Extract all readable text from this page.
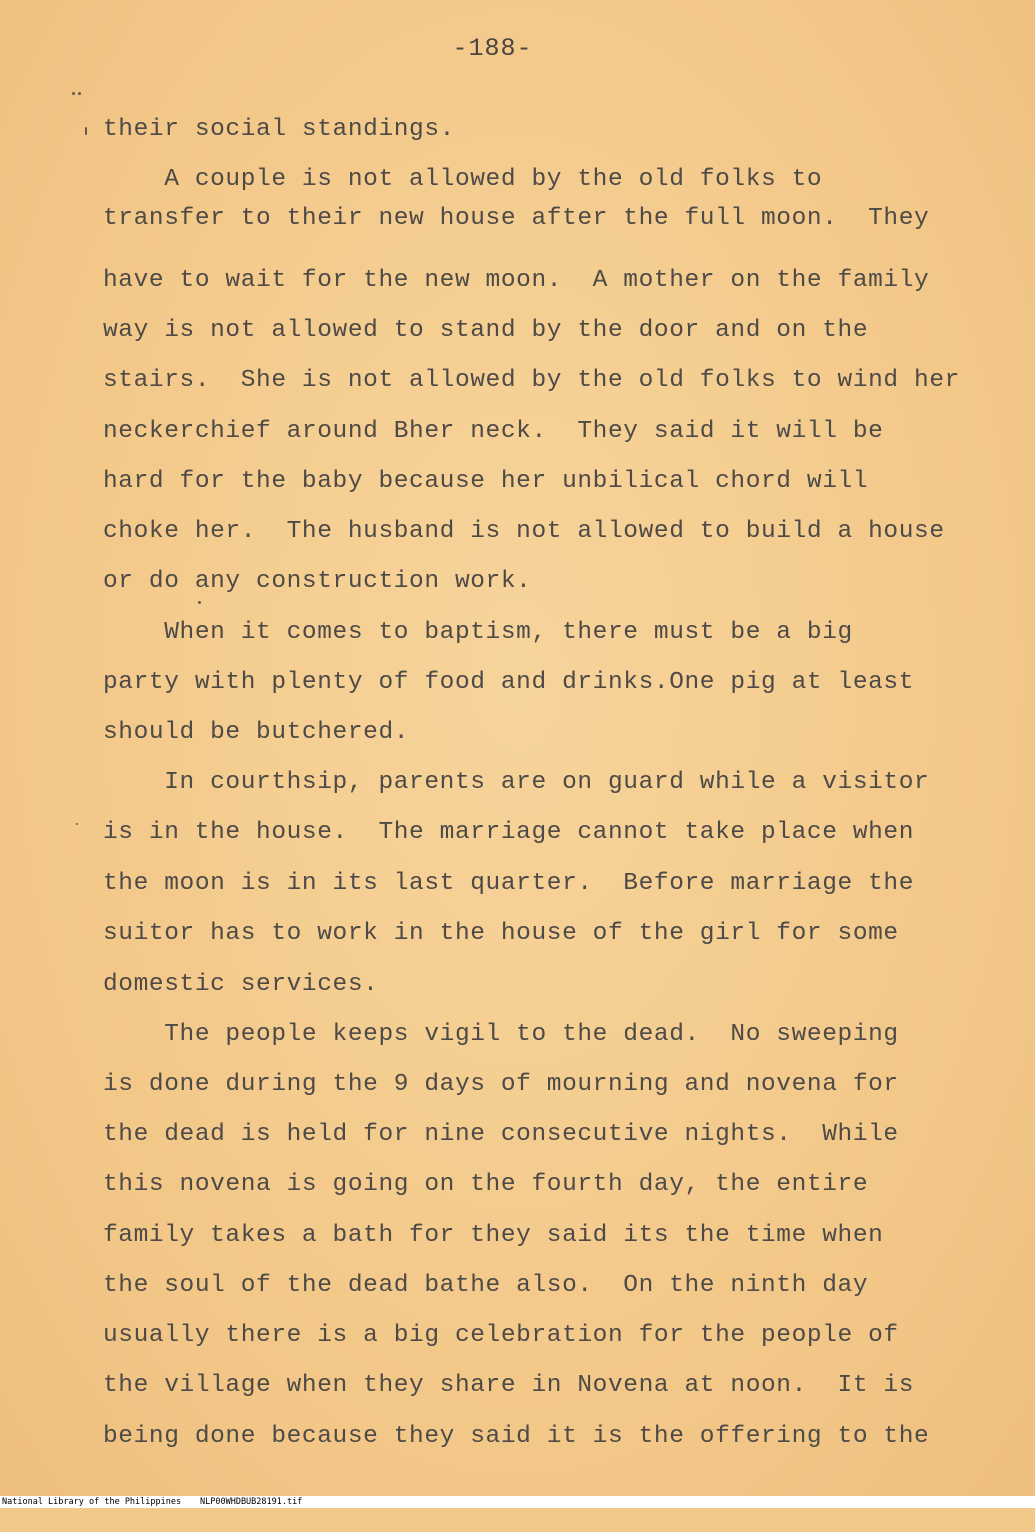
-188-
their social standings.
A couple is not allowed by the old folks to
transfer to their new house after the full moon.  They
have to wait for the new moon.  A mother on the family
way is not allowed to stand by the door and on the
stairs.  She is not allowed by the old folks to wind her
neckerchief around Bher neck.  They said it will be
hard for the baby because her unbilical chord will
choke her.  The husband is not allowed to build a house
or do any construction work.
When it comes to baptism, there must be a big
party with plenty of food and drinks.One pig at least
should be butchered.
In courthsip, parents are on guard while a visitor
is in the house.  The marriage cannot take place when
the moon is in its last quarter.  Before marriage the
suitor has to work in the house of the girl for some
domestic services.
The people keeps vigil to the dead.  No sweeping
is done during the 9 days of mourning and novena for
the dead is held for nine consecutive nights.  While
this novena is going on the fourth day, the entire
family takes a bath for they said its the time when
the soul of the dead bathe also.  On the ninth day
usually there is a big celebration for the people of
the village when they share in Novena at noon.  It is
being done because they said it is the offering to the

National Library of the Philippines

NLP00WHDBUB28191.tif
